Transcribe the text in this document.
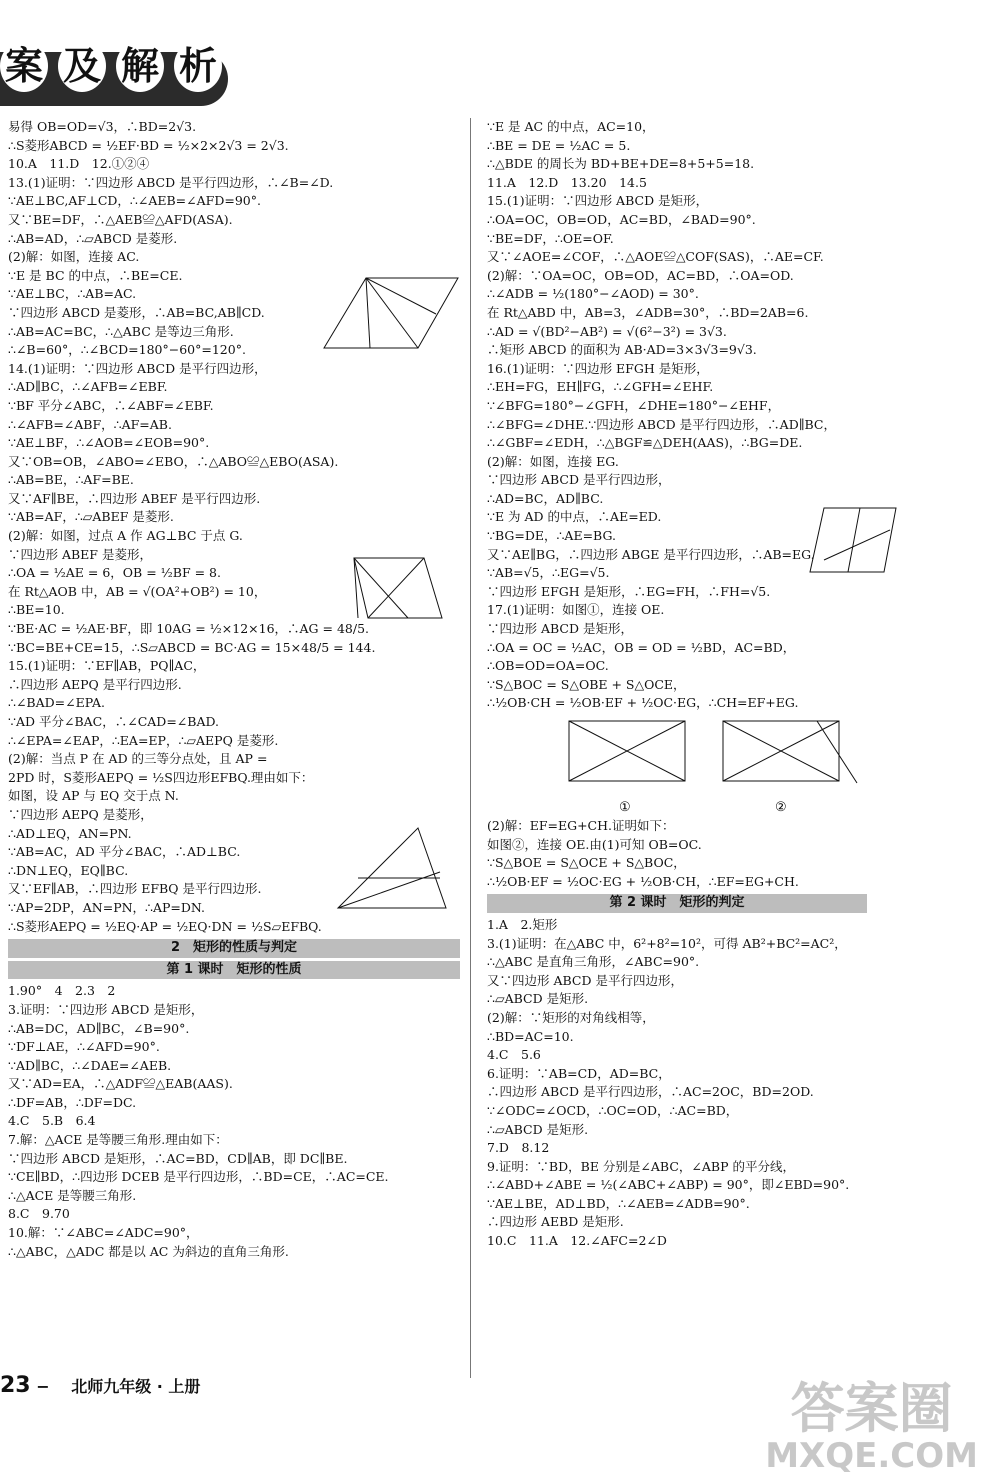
案 及 解 析
易得 OB=OD=√3，∴BD=2√3.
∴S菱形ABCD = ½EF·BD = ½×2×2√3 = 2√3.
10.A　11.D　12.①②④
13.(1)证明：∵四边形 ABCD 是平行四边形，∴∠B=∠D.
∵AE⊥BC,AF⊥CD，∴∠AEB=∠AFD=90°.
又∵BE=DF，∴△AEB≌△AFD(ASA).
∴AB=AD，∴▱ABCD 是菱形.
(2)解：如图，连接 AC.
∵E 是 BC 的中点，∴BE=CE.
∵AE⊥BC，∴AB=AC.
∵四边形 ABCD 是菱形，∴AB=BC,AB∥CD.
∴AB=AC=BC，∴△ABC 是等边三角形.
∴∠B=60°，∴∠BCD=180°−60°=120°.
14.(1)证明：∵四边形 ABCD 是平行四边形，
∴AD∥BC，∴∠AFB=∠EBF.
∵BF 平分∠ABC，∴∠ABF=∠EBF.
∴∠AFB=∠ABF，∴AF=AB.
∵AE⊥BF，∴∠AOB=∠EOB=90°.
又∵OB=OB，∠ABO=∠EBO，∴△ABO≌△EBO(ASA).
∴AB=BE，∴AF=BE.
又∵AF∥BE，∴四边形 ABEF 是平行四边形.
∵AB=AF，∴▱ABEF 是菱形.
(2)解：如图，过点 A 作 AG⊥BC 于点 G.
∵四边形 ABEF 是菱形，
∴OA = ½AE = 6，OB = ½BF = 8.
在 Rt△AOB 中，AB = √(OA²+OB²) = 10，
∴BE=10.
∵BE·AC = ½AE·BF，即 10AG = ½×12×16，∴AG = 48/5.
∵BC=BE+CE=15，∴S▱ABCD = BC·AG = 15×48/5 = 144.
15.(1)证明：∵EF∥AB，PQ∥AC，
∴四边形 AEPQ 是平行四边形.
∴∠BAD=∠EPA.
∵AD 平分∠BAC，∴∠CAD=∠BAD.
∴∠EPA=∠EAP，∴EA=EP，∴▱AEPQ 是菱形.
(2)解：当点 P 在 AD 的三等分点处，且 AP =
2PD 时，S菱形AEPQ = ½S四边形EFBQ.理由如下：
如图，设 AP 与 EQ 交于点 N.
∵四边形 AEPQ 是菱形，
∴AD⊥EQ，AN=PN.
∵AB=AC，AD 平分∠BAC，∴AD⊥BC.
∴DN⊥EQ，EQ∥BC.
又∵EF∥AB，∴四边形 EFBQ 是平行四边形.
∵AP=2DP，AN=PN，∴AP=DN.
∴S菱形AEPQ = ½EQ·AP = ½EQ·DN = ½S▱EFBQ.
2　矩形的性质与判定
第 1 课时　矩形的性质
1.90°　4　2.3　2
3.证明：∵四边形 ABCD 是矩形，
∴AB=DC，AD∥BC，∠B=90°.
∵DF⊥AE，∴∠AFD=90°.
∵AD∥BC，∴∠DAE=∠AEB.
又∵AD=EA，∴△ADF≌△EAB(AAS).
∴DF=AB，∴DF=DC.
4.C　5.B　6.4
7.解：△ACE 是等腰三角形.理由如下：
∵四边形 ABCD 是矩形，∴AC=BD，CD∥AB，即 DC∥BE.
∵CE∥BD，∴四边形 DCEB 是平行四边形，∴BD=CE，∴AC=CE.
∴△ACE 是等腰三角形.
8.C　9.70
10.解：∵∠ABC=∠ADC=90°，
∴△ABC，△ADC 都是以 AC 为斜边的直角三角形.
∵E 是 AC 的中点，AC=10，
∴BE = DE = ½AC = 5.
∴△BDE 的周长为 BD+BE+DE=8+5+5=18.
11.A　12.D　13.20　14.5
15.(1)证明：∵四边形 ABCD 是矩形，
∴OA=OC，OB=OD，AC=BD，∠BAD=90°.
∵BE=DF，∴OE=OF.
又∵∠AOE=∠COF，∴△AOE≌△COF(SAS)，∴AE=CF.
(2)解：∵OA=OC，OB=OD，AC=BD，∴OA=OD.
∴∠ADB = ½(180°−∠AOD) = 30°.
在 Rt△ABD 中，AB=3，∠ADB=30°，∴BD=2AB=6.
∴AD = √(BD²−AB²) = √(6²−3²) = 3√3.
∴矩形 ABCD 的面积为 AB·AD=3×3√3=9√3.
16.(1)证明：∵四边形 EFGH 是矩形，
∴EH=FG，EH∥FG，∴∠GFH=∠EHF.
∵∠BFG=180°−∠GFH，∠DHE=180°−∠EHF，
∴∠BFG=∠DHE.∵四边形 ABCD 是平行四边形，∴AD∥BC，
∴∠GBF=∠EDH，∴△BGF≌△DEH(AAS)，∴BG=DE.
(2)解：如图，连接 EG.
∵四边形 ABCD 是平行四边形，
∴AD=BC，AD∥BC.
∵E 为 AD 的中点，∴AE=ED.
∵BG=DE，∴AE=BG.
又∵AE∥BG，∴四边形 ABGE 是平行四边形，∴AB=EG.
∵AB=√5，∴EG=√5.
∵四边形 EFGH 是矩形，∴EG=FH，∴FH=√5.
17.(1)证明：如图①，连接 OE.
∵四边形 ABCD 是矩形，
∴OA = OC = ½AC，OB = OD = ½BD，AC=BD，
∴OB=OD=OA=OC.
∵S△BOC = S△OBE + S△OCE，
∴½OB·CH = ½OB·EF + ½OC·EG，∴CH=EF+EG.
①	②
(2)解：EF=EG+CH.证明如下：
如图②，连接 OE.由(1)可知 OB=OC.
∵S△BOE = S△OCE + S△BOC，
∴½OB·EF = ½OC·EG + ½OB·CH，∴EF=EG+CH.
第 2 课时　矩形的判定
1.A　2.矩形
3.(1)证明：在△ABC 中，6²+8²=10²，可得 AB²+BC²=AC²，
∴△ABC 是直角三角形，∠ABC=90°.
又∵四边形 ABCD 是平行四边形，
∴▱ABCD 是矩形.
(2)解：∵矩形的对角线相等，
∴BD=AC=10.
4.C　5.6
6.证明：∵AB=CD，AD=BC，
∴四边形 ABCD 是平行四边形，∴AC=2OC，BD=2OD.
∵∠ODC=∠OCD，∴OC=OD，∴AC=BD，
∴▱ABCD 是矩形.
7.D　8.12
9.证明：∵BD，BE 分别是∠ABC，∠ABP 的平分线，
∴∠ABD+∠ABE = ½(∠ABC+∠ABP) = 90°，即∠EBD=90°.
∵AE⊥BE，AD⊥BD，∴∠AEB=∠ADB=90°.
∴四边形 AEBD 是矩形.
10.C　11.A　12.∠AFC=2∠D
23 − 北师九年级 · 上册	答案圈
MXQE.COM
